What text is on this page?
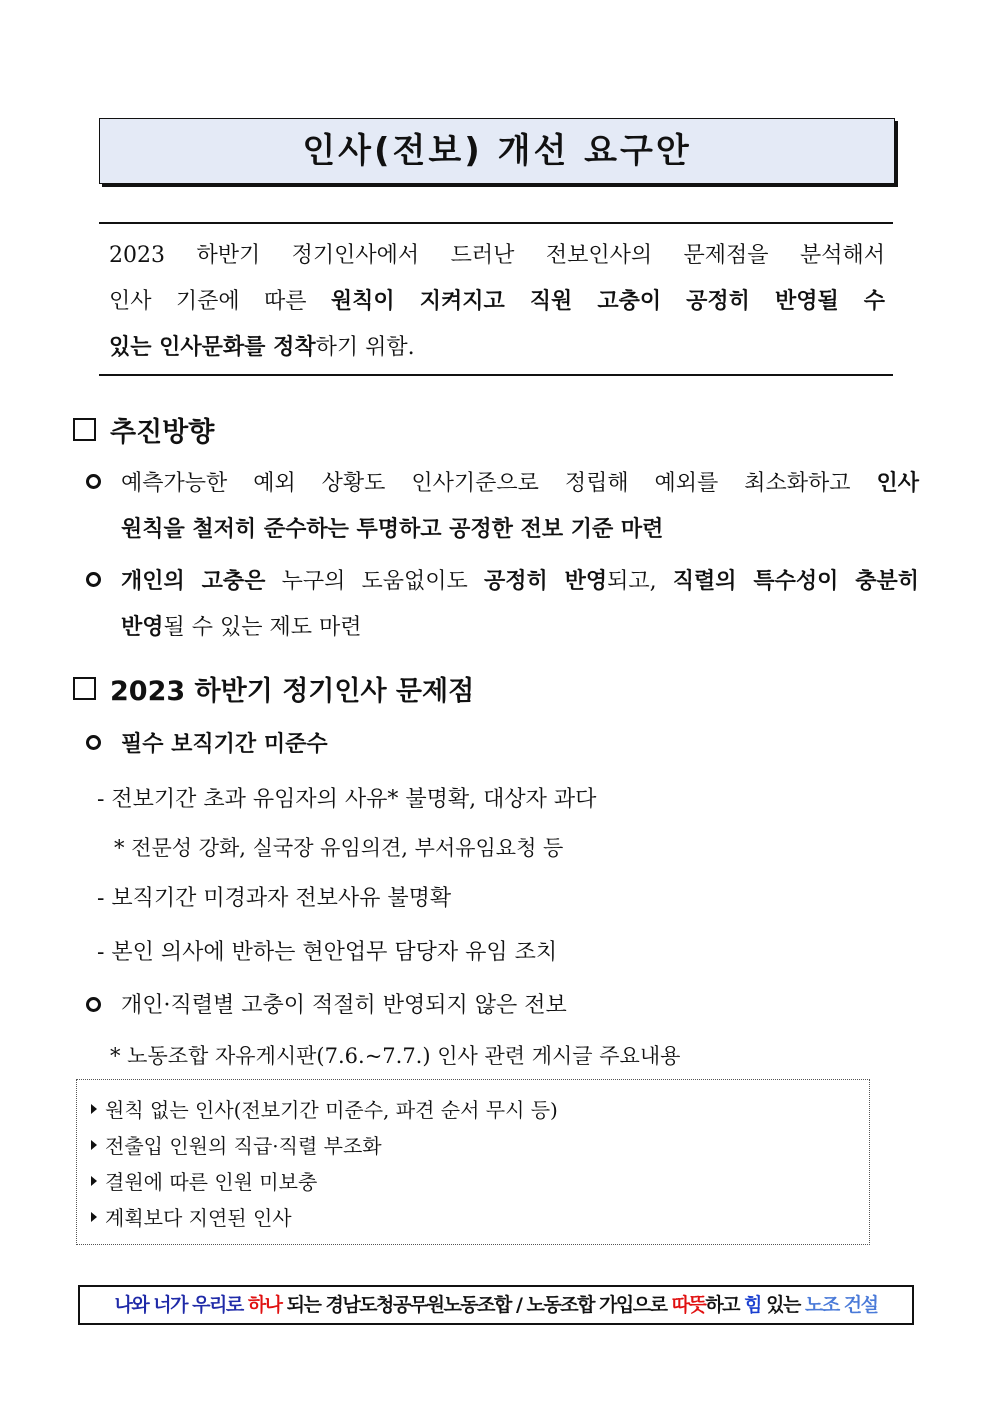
인사(전보) 개선 요구안
2023 하반기 정기인사에서 드러난 전보인사의 문제점을 분석해서
인사 기준에 따른 원칙이 지켜지고 직원 고충이 공정히 반영될 수
있는 인사문화를 정착하기 위함.
추진방향
예측가능한 예외 상황도 인사기준으로 정립해 예외를 최소화하고 인사
원칙을 철저히 준수하는 투명하고 공정한 전보 기준 마련
개인의 고충은 누구의 도움없이도 공정히 반영되고, 직렬의 특수성이 충분히
반영될 수 있는 제도 마련
2023 하반기 정기인사 문제점
필수 보직기간 미준수
- 전보기간 초과 유임자의 사유* 불명확, 대상자 과다
* 전문성 강화, 실국장 유임의견, 부서유임요청 등
- 보직기간 미경과자 전보사유 불명확
- 본인 의사에 반하는 현안업무 담당자 유임 조치
개인·직렬별 고충이 적절히 반영되지 않은 전보
* 노동조합 자유게시판(7.6.~7.7.) 인사 관련 게시글 주요내용
원칙 없는 인사(전보기간 미준수, 파견 순서 무시 등)
전출입 인원의 직급·직렬 부조화
결원에 따른 인원 미보충
계획보다 지연된 인사
나와 너가 우리로 하나 되는 경남도청공무원노동조합 / 노동조합 가입으로 따뜻하고 힘 있는 노조 건설
